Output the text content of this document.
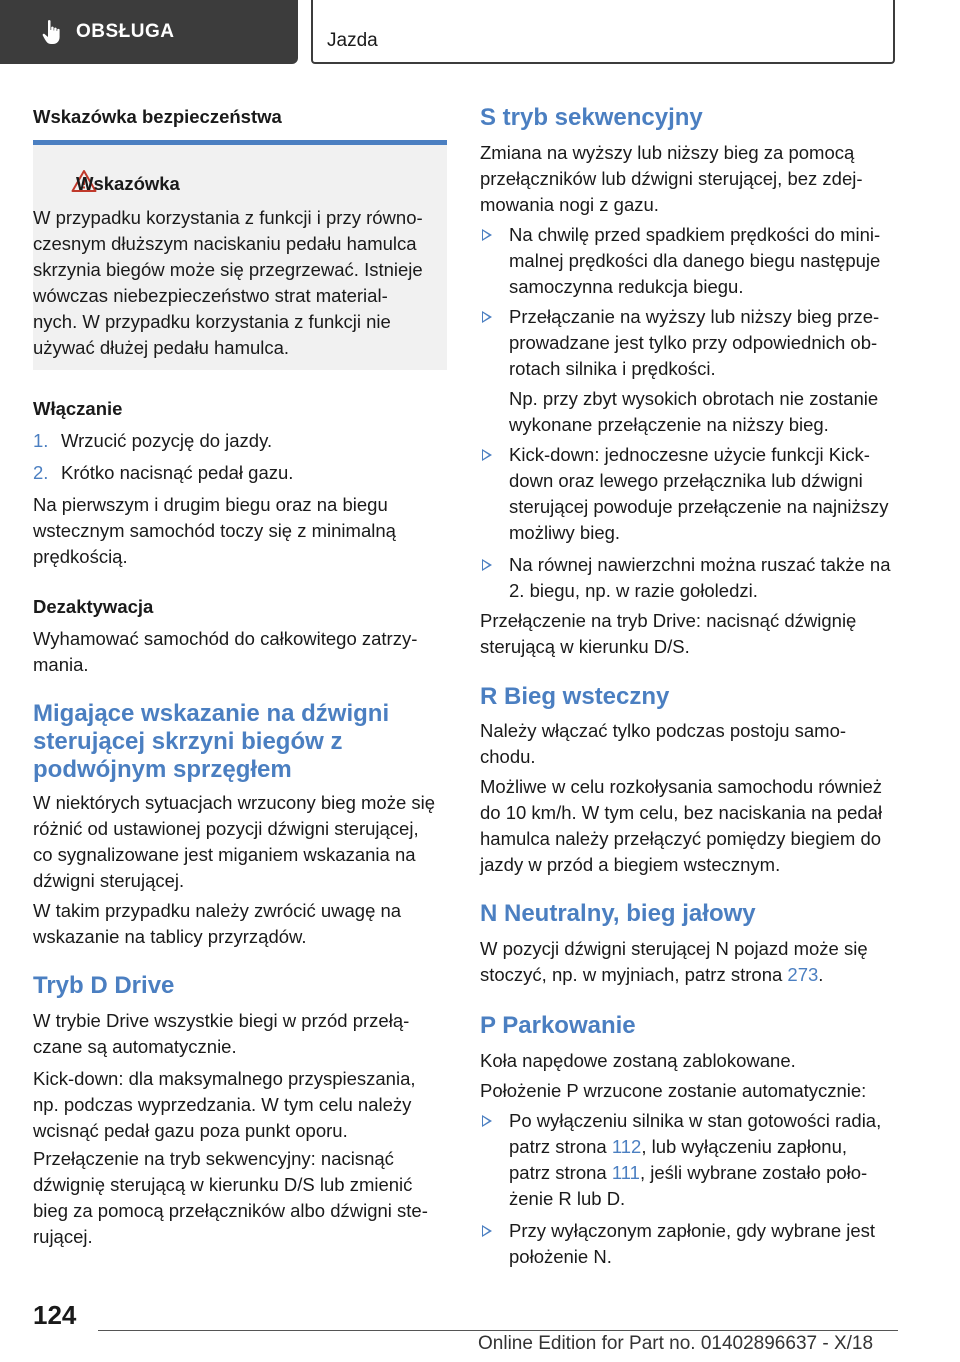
OBSŁUGA	Jazda
Wskazówka bezpieczeństwa
Wskazówka
W przypadku korzystania z funkcji i przy równo-
czesnym dłuższym naciskaniu pedału hamulca
skrzynia biegów może się przegrzewać. Istnieje
wówczas niebezpieczeństwo strat material-
nych. W przypadku korzystania z funkcji nie
używać dłużej pedału hamulca.
Włączanie
1. Wrzucić pozycję do jazdy.
2. Krótko nacisnąć pedał gazu.
Na pierwszym i drugim biegu oraz na biegu
wstecznym samochód toczy się z minimalną
prędkością.
Dezaktywacja
Wyhamować samochód do całkowitego zatrzy-
mania.
Migające wskazanie na dźwigni
sterującej skrzyni biegów z
podwójnym sprzęgłem
W niektórych sytuacjach wrzucony bieg może się
różnić od ustawionej pozycji dźwigni sterującej,
co sygnalizowane jest miganiem wskazania na
dźwigni sterującej.
W takim przypadku należy zwrócić uwagę na
wskazanie na tablicy przyrządów.
Tryb D Drive
W trybie Drive wszystkie biegi w przód przełą-
czane są automatycznie.
Kick-down: dla maksymalnego przyspieszania,
np. podczas wyprzedzania. W tym celu należy
wcisnąć pedał gazu poza punkt oporu.
Przełączenie na tryb sekwencyjny: nacisnąć
dźwignię sterującą w kierunku D/S lub zmienić
bieg za pomocą przełączników albo dźwigni ste-
rującej.
S tryb sekwencyjny
Zmiana na wyższy lub niższy bieg za pomocą
przełączników lub dźwigni sterującej, bez zdej-
mowania nogi z gazu.
Na chwilę przed spadkiem prędkości do mini-
malnej prędkości dla danego biegu następuje
samoczynna redukcja biegu.
Przełączanie na wyższy lub niższy bieg prze-
prowadzane jest tylko przy odpowiednich ob-
rotach silnika i prędkości.
Np. przy zbyt wysokich obrotach nie zostanie
wykonane przełączenie na niższy bieg.
Kick-down: jednoczesne użycie funkcji Kick-
down oraz lewego przełącznika lub dźwigni
sterującej powoduje przełączenie na najniższy
możliwy bieg.
Na równej nawierzchni można ruszać także na
2. biegu, np. w razie gołoledzi.
Przełączenie na tryb Drive: nacisnąć dźwignię
sterującą w kierunku D/S.
R Bieg wsteczny
Należy włączać tylko podczas postoju samo-
chodu.
Możliwe w celu rozkołysania samochodu również
do 10 km/h. W tym celu, bez naciskania na pedał
hamulca należy przełączyć pomiędzy biegiem do
jazdy w przód a biegiem wstecznym.
N Neutralny, bieg jałowy
W pozycji dźwigni sterującej N pojazd może się
stoczyć, np. w myjniach, patrz strona 273.
P Parkowanie
Koła napędowe zostaną zablokowane.
Położenie P wrzucone zostanie automatycznie:
Po wyłączeniu silnika w stan gotowości radia,
patrz strona 112, lub wyłączeniu zapłonu,
patrz strona 111, jeśli wybrane zostało poło-
żenie R lub D.
Przy wyłączonym zapłonie, gdy wybrane jest
położenie N.
124
Online Edition for Part no. 01402896637 - X/18
